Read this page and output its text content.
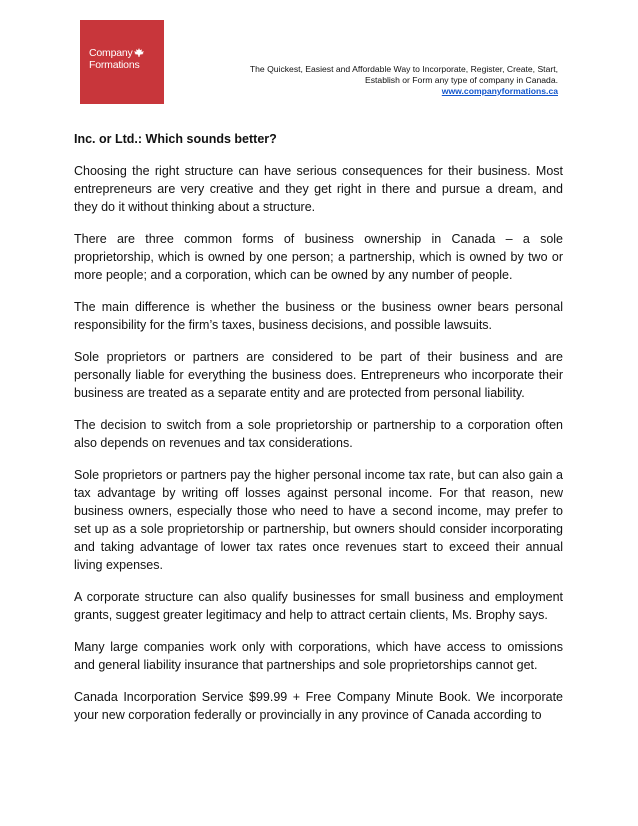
Company
Formations	The Quickest, Easiest and Affordable Way to Incorporate, Register, Create, Start,
Establish or Form any type of company in Canada.
www.companyformations.ca
Inc. or Ltd.: Which sounds better?

Choosing the right structure can have serious consequences for their business. Most entrepreneurs are very creative and they get right in there and pursue a dream, and they do it without thinking about a structure.

There are three common forms of business ownership in Canada – a sole proprietorship, which is owned by one person; a partnership, which is owned by two or more people; and a corporation, which can be owned by any number of people.

The main difference is whether the business or the business owner bears personal responsibility for the firm’s taxes, business decisions, and possible lawsuits.

Sole proprietors or partners are considered to be part of their business and are personally liable for everything the business does. Entrepreneurs who incorporate their business are treated as a separate entity and are protected from personal liability.

The decision to switch from a sole proprietorship or partnership to a corporation often also depends on revenues and tax considerations.

Sole proprietors or partners pay the higher personal income tax rate, but can also gain a tax advantage by writing off losses against personal income. For that reason, new business owners, especially those who need to have a second income, may prefer to set up as a sole proprietorship or partnership, but owners should consider incorporating and taking advantage of lower tax rates once revenues start to exceed their annual living expenses.

A corporate structure can also qualify businesses for small business and employment grants, suggest greater legitimacy and help to attract certain clients, Ms. Brophy says.

Many large companies work only with corporations, which have access to omissions and general liability insurance that partnerships and sole proprietorships cannot get.

Canada Incorporation Service $99.99 + Free Company Minute Book. We incorporate your new corporation federally or provincially in any province of Canada according to
